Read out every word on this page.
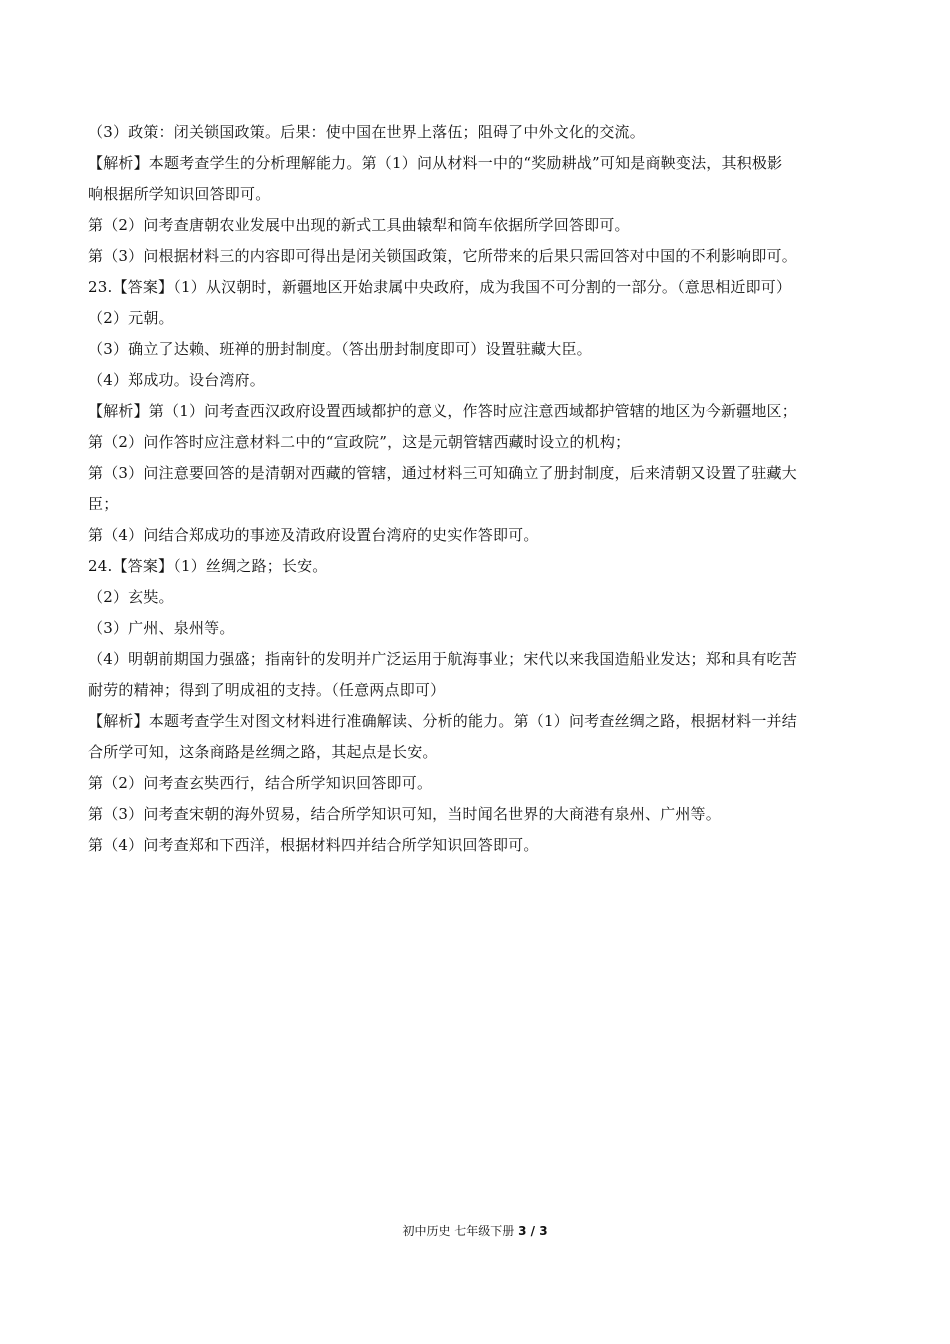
（3）政策：闭关锁国政策。后果：使中国在世界上落伍；阻碍了中外文化的交流。

【解析】本题考查学生的分析理解能力。第（1）问从材料一中的“奖励耕战”可知是商鞅变法，其积极影

响根据所学知识回答即可。

第（2）问考查唐朝农业发展中出现的新式工具曲辕犁和筒车依据所学回答即可。

第（3）问根据材料三的内容即可得出是闭关锁国政策，它所带来的后果只需回答对中国的不利影响即可。

23.【答案】（1）从汉朝时，新疆地区开始隶属中央政府，成为我国不可分割的一部分。（意思相近即可）

（2）元朝。

（3）确立了达赖、班禅的册封制度。（答出册封制度即可）设置驻藏大臣。

（4）郑成功。设台湾府。

【解析】第（1）问考查西汉政府设置西域都护的意义，作答时应注意西域都护管辖的地区为今新疆地区；

第（2）问作答时应注意材料二中的“宣政院”，这是元朝管辖西藏时设立的机构；

第（3）问注意要回答的是清朝对西藏的管辖，通过材料三可知确立了册封制度，后来清朝又设置了驻藏大

臣；

第（4）问结合郑成功的事迹及清政府设置台湾府的史实作答即可。

24.【答案】（1）丝绸之路；长安。

（2）玄奘。

（3）广州、泉州等。

（4）明朝前期国力强盛；指南针的发明并广泛运用于航海事业；宋代以来我国造船业发达；郑和具有吃苦

耐劳的精神；得到了明成祖的支持。（任意两点即可）

【解析】本题考查学生对图文材料进行准确解读、分析的能力。第（1）问考查丝绸之路，根据材料一并结

合所学可知，这条商路是丝绸之路，其起点是长安。

第（2）问考查玄奘西行，结合所学知识回答即可。

第（3）问考查宋朝的海外贸易，结合所学知识可知，当时闻名世界的大商港有泉州、广州等。

第（4）问考查郑和下西洋，根据材料四并结合所学知识回答即可。

初中历史 七年级下册 3 / 3
